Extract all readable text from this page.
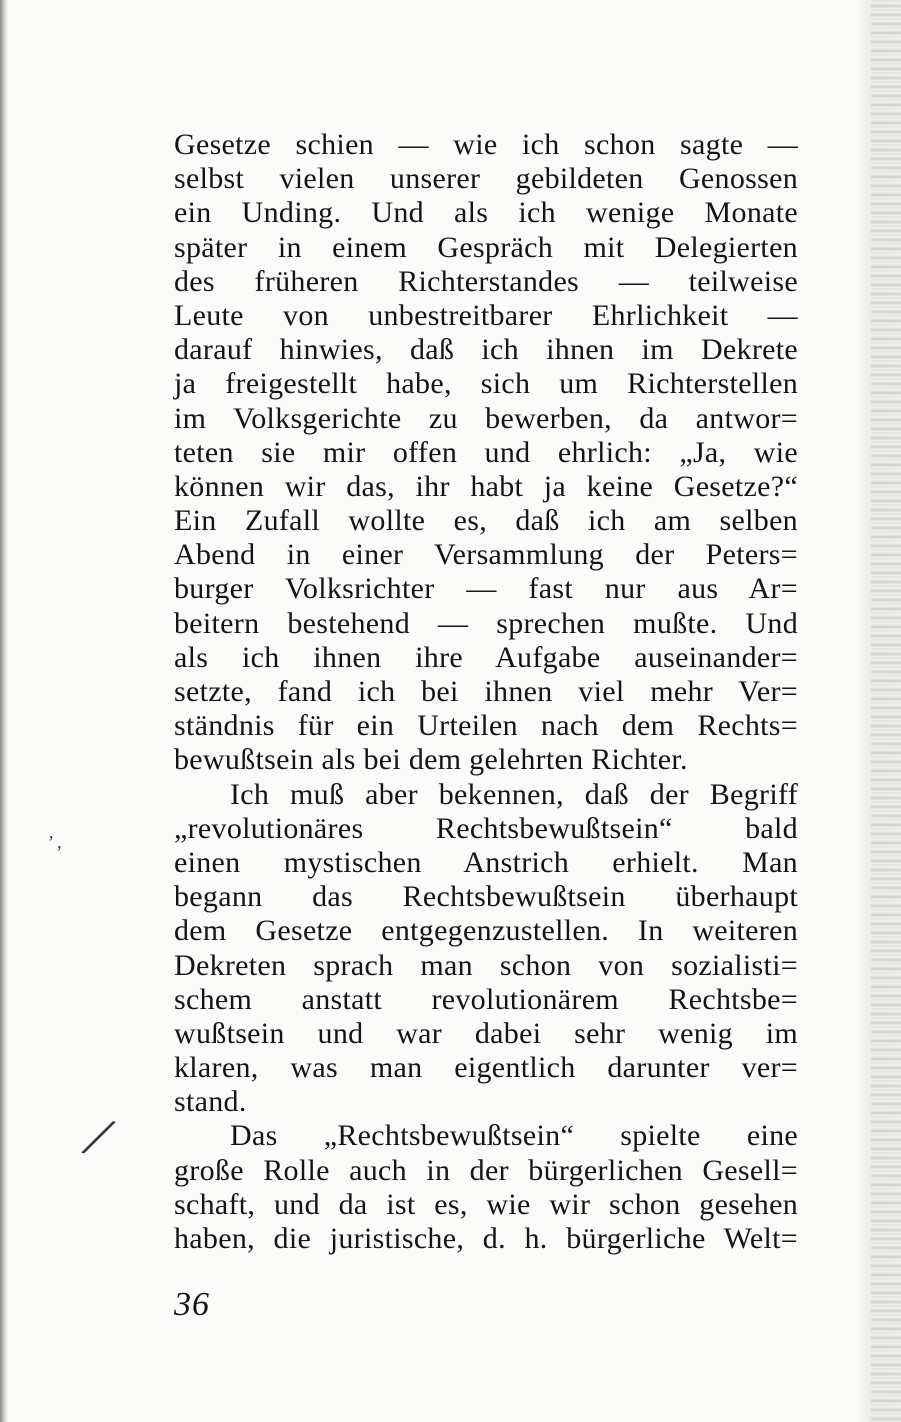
╱
’ ,
Gesetze schien — wie ich schon sagte —
selbst vielen unserer gebildeten Genossen
ein Unding. Und als ich wenige Monate
später in einem Gespräch mit Delegierten
des früheren Richterstandes — teilweise
Leute von unbestreitbarer Ehrlichkeit —
darauf hinwies, daß ich ihnen im Dekrete
ja freigestellt habe, sich um Richterstellen
im Volksgerichte zu bewerben, da antwor=
teten sie mir offen und ehrlich: „Ja, wie
können wir das, ihr habt ja keine Gesetze?“
Ein Zufall wollte es, daß ich am selben
Abend in einer Versammlung der Peters=
burger Volksrichter — fast nur aus Ar=
beitern bestehend — sprechen mußte. Und
als ich ihnen ihre Aufgabe auseinander=
setzte, fand ich bei ihnen viel mehr Ver=
ständnis für ein Urteilen nach dem Rechts=
bewußtsein als bei dem gelehrten Richter.
Ich muß aber bekennen, daß der Begriff
„revolutionäres Rechtsbewußtsein“ bald
einen mystischen Anstrich erhielt. Man
begann das Rechtsbewußtsein überhaupt
dem Gesetze entgegenzustellen. In weiteren
Dekreten sprach man schon von sozialisti=
schem anstatt revolutionärem Rechtsbe=
wußtsein und war dabei sehr wenig im
klaren, was man eigentlich darunter ver=
stand.
Das „Rechtsbewußtsein“ spielte eine
große Rolle auch in der bürgerlichen Gesell=
schaft, und da ist es, wie wir schon gesehen
haben, die juristische, d. h. bürgerliche Welt=
36
